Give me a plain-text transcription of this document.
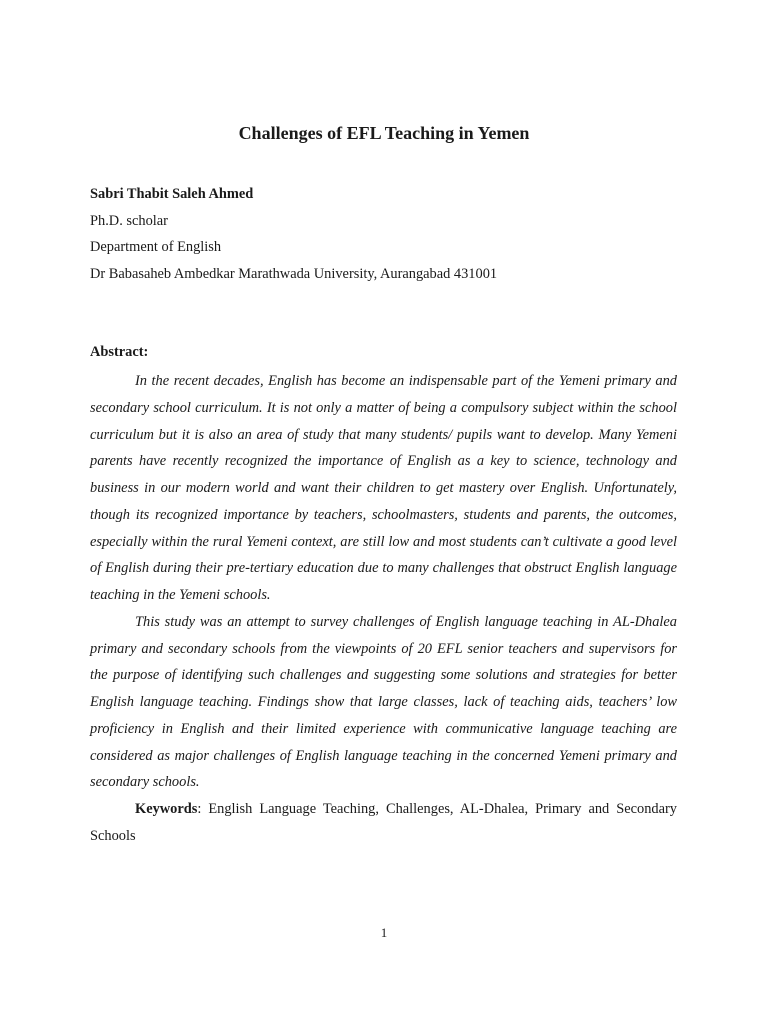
Challenges of EFL Teaching in Yemen
Sabri Thabit Saleh Ahmed
Ph.D. scholar
Department of English
Dr Babasaheb Ambedkar Marathwada University, Aurangabad 431001
Abstract:

In the recent decades, English has become an indispensable part of the Yemeni primary and secondary school curriculum. It is not only a matter of being a compulsory subject within the school curriculum but it is also an area of study that many students/ pupils want to develop. Many Yemeni parents have recently recognized the importance of English as a key to science, technology and business in our modern world and want their children to get mastery over English. Unfortunately, though its recognized importance by teachers, schoolmasters, students and parents, the outcomes, especially within the rural Yemeni context, are still low and most students can’t cultivate a good level of English during their pre-tertiary education due to many challenges that obstruct English language teaching in the Yemeni schools.

This study was an attempt to survey challenges of English language teaching in AL-Dhalea primary and secondary schools from the viewpoints of 20 EFL senior teachers and supervisors for the purpose of identifying such challenges and suggesting some solutions and strategies for better English language teaching. Findings show that large classes, lack of teaching aids, teachers’ low proficiency in English and their limited experience with communicative language teaching are considered as major challenges of English language teaching in the concerned Yemeni primary and secondary schools.

Keywords: English Language Teaching, Challenges, AL-Dhalea, Primary and Secondary Schools

1
